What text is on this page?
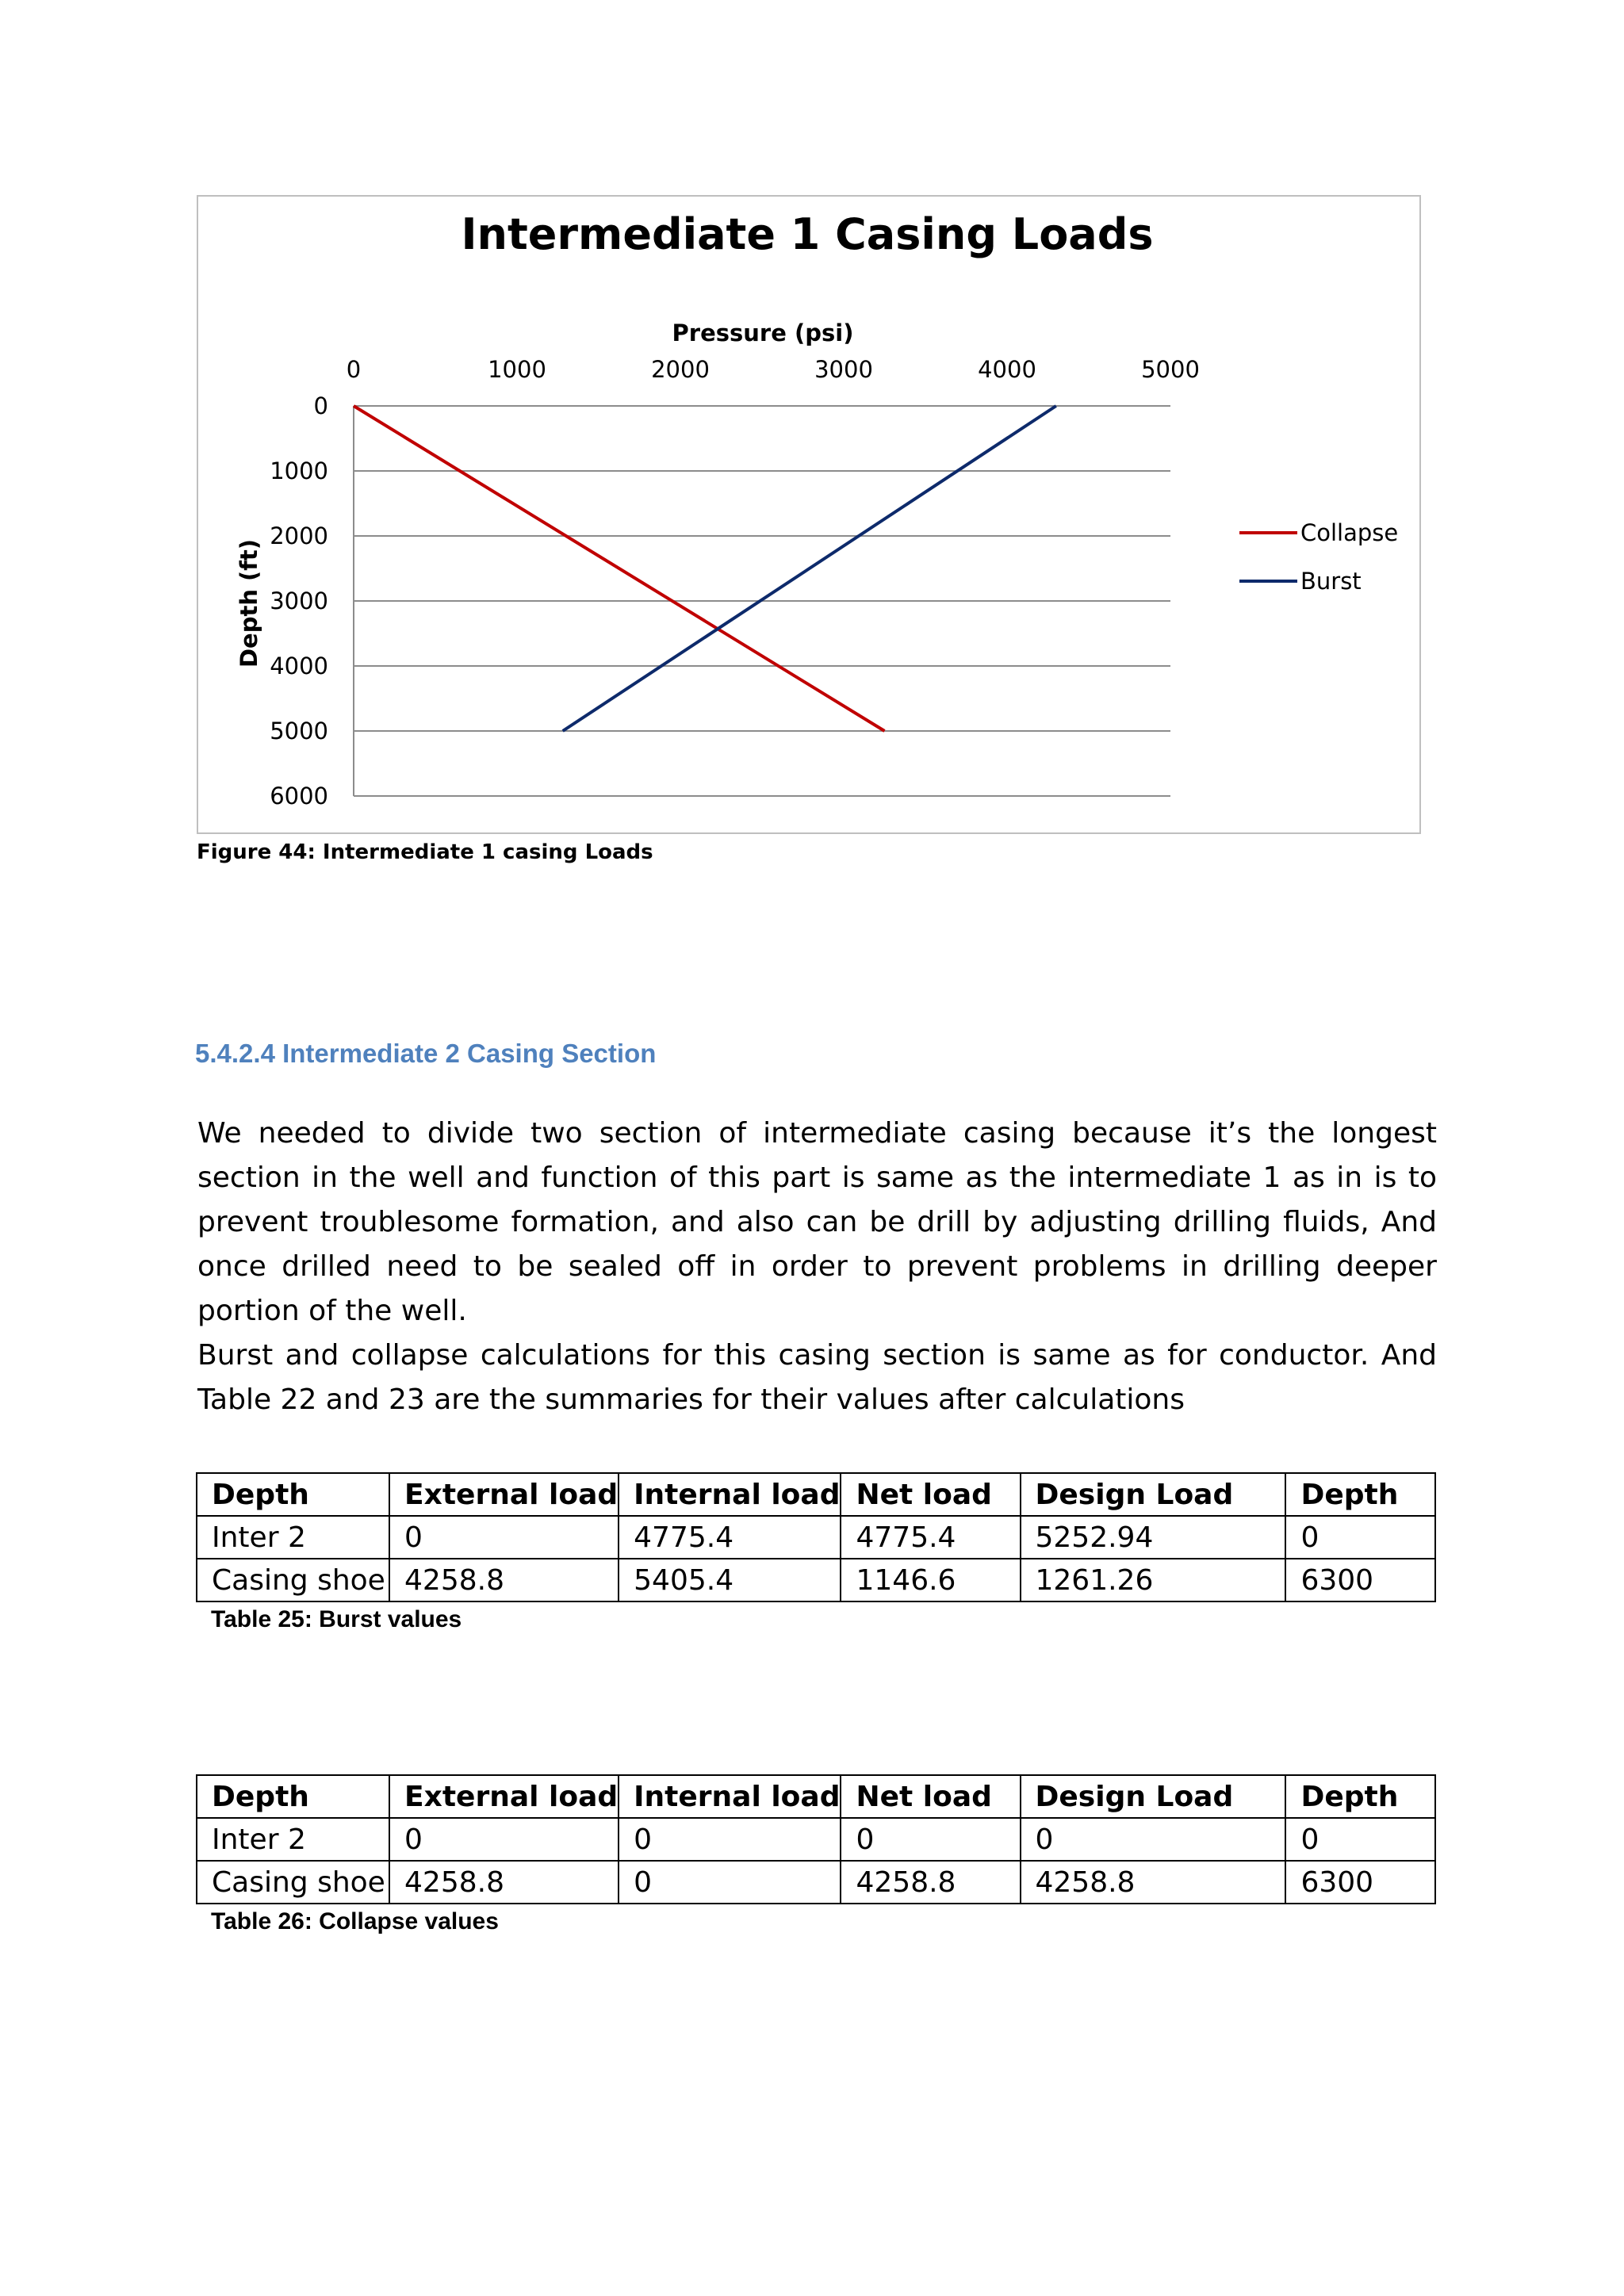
Intermediate 1 Casing Loads
Pressure (psi)
Depth (ft)
0
1000
2000
3000
4000
5000
6000
0	1000	2000	3000	4000	5000
Collapse
Burst
Figure 44: Intermediate 1 casing Loads
5.4.2.4 Intermediate 2 Casing Section

We needed to divide two section of intermediate casing because it’s the longest section in the well and function of this part is same as the intermediate 1 as in is to prevent troublesome formation, and also can be drill by adjusting drilling fluids, And once drilled need to be sealed off in order to prevent problems in drilling deeper portion of the well.

Burst and collapse calculations for this casing section is same as for conductor. And Table 22 and 23 are the summaries for their values after calculations

Depth	External load	Internal load	Net load	Design Load	Depth
Inter 2	0	4775.4	4775.4	5252.94	0
Casing shoe	4258.8	5405.4	1146.6	1261.26	6300
Table 25: Burst values
Depth	External load	Internal load	Net load	Design Load	Depth
Inter 2	0	0	0	0	0
Casing shoe	4258.8	0	4258.8	4258.8	6300
Table 26: Collapse values
